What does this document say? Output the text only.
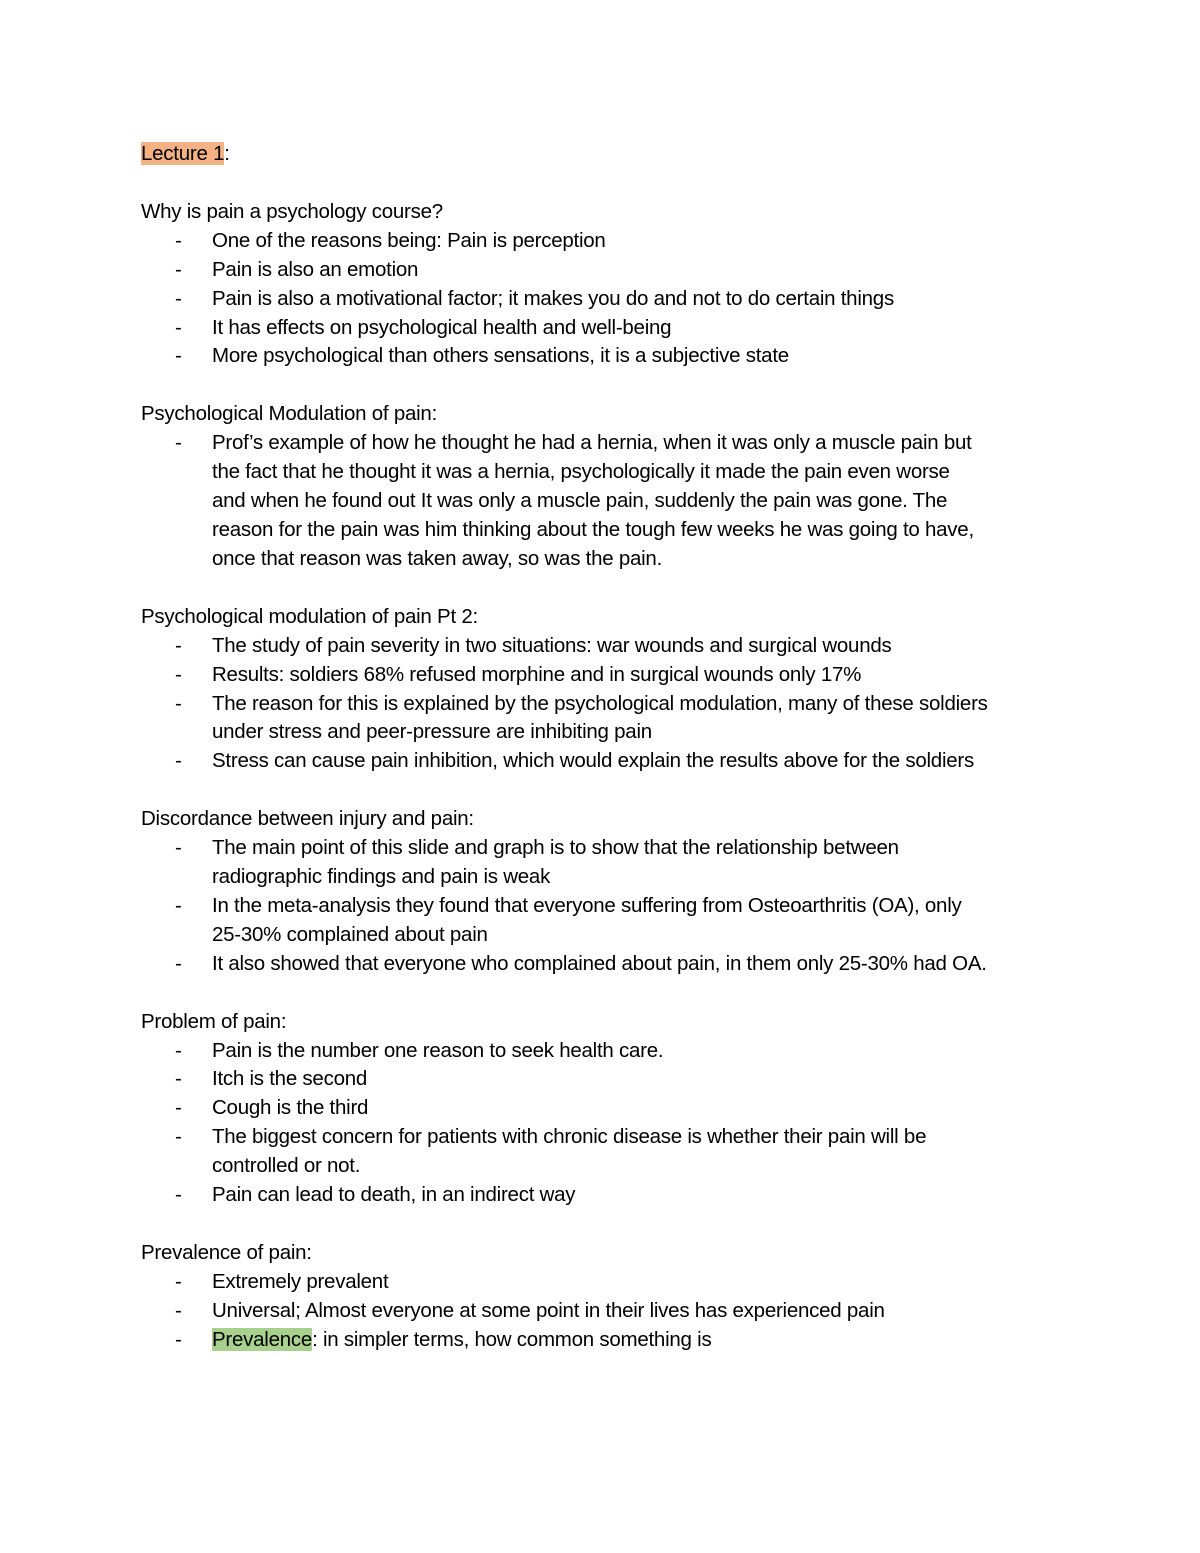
Lecture 1:

Why is pain a psychology course?

- One of the reasons being: Pain is perception
- Pain is also an emotion
- Pain is also a motivational factor; it makes you do and not to do certain things
- It has effects on psychological health and well-being
- More psychological than others sensations, it is a subjective state

Psychological Modulation of pain:

- Prof’s example of how he thought he had a hernia, when it was only a muscle pain but
the fact that he thought it was a hernia, psychologically it made the pain even worse
and when he found out It was only a muscle pain, suddenly the pain was gone. The
reason for the pain was him thinking about the tough few weeks he was going to have,
once that reason was taken away, so was the pain.

Psychological modulation of pain Pt 2:

- The study of pain severity in two situations: war wounds and surgical wounds
- Results: soldiers 68% refused morphine and in surgical wounds only 17%
- The reason for this is explained by the psychological modulation, many of these soldiers
under stress and peer-pressure are inhibiting pain
- Stress can cause pain inhibition, which would explain the results above for the soldiers

Discordance between injury and pain:

- The main point of this slide and graph is to show that the relationship between
radiographic findings and pain is weak
- In the meta-analysis they found that everyone suffering from Osteoarthritis (OA), only
25-30% complained about pain
- It also showed that everyone who complained about pain, in them only 25-30% had OA.

Problem of pain:

- Pain is the number one reason to seek health care.
- Itch is the second
- Cough is the third
- The biggest concern for patients with chronic disease is whether their pain will be
controlled or not.
- Pain can lead to death, in an indirect way

Prevalence of pain:

- Extremely prevalent
- Universal; Almost everyone at some point in their lives has experienced pain
- Prevalence: in simpler terms, how common something is
